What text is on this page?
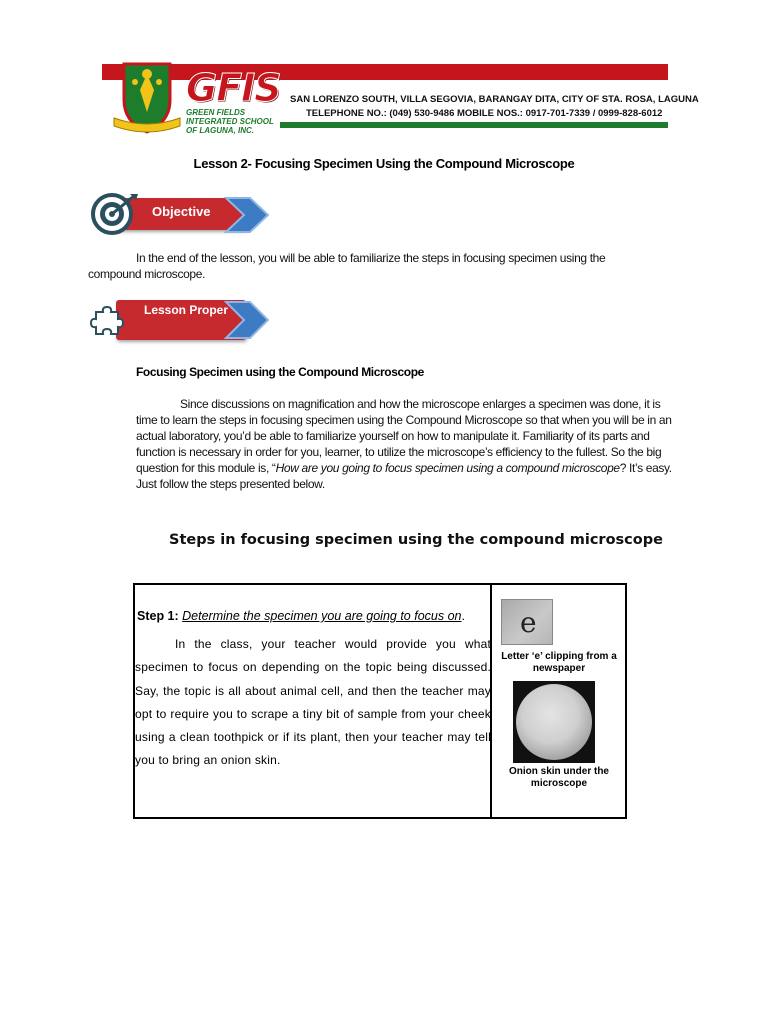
GFIS
GREEN FIELDS INTEGRATED SCHOOL OF LAGUNA, INC.
SAN LORENZO SOUTH, VILLA SEGOVIA, BARANGAY DITA, CITY OF STA. ROSA, LAGUNA
TELEPHONE NO.: (049) 530-9486 MOBILE NOS.: 0917-701-7339 / 0999-828-6012
Lesson 2- Focusing Specimen Using the Compound Microscope
Objective
In the end of the lesson, you will be able to familiarize the steps in focusing specimen using the compound microscope.
Lesson Proper
Focusing Specimen using the Compound Microscope
Since discussions on magnification and how the microscope enlarges a specimen was done, it is time to learn the steps in focusing specimen using the Compound Microscope so that when you will be in an actual laboratory, you’d be able to familiarize yourself on how to manipulate it. Familiarity of its parts and function is necessary in order for you, learner, to utilize the microscope’s efficiency to the fullest. So the big question for this module is, “How are you going to focus specimen using a compound microscope? It’s easy. Just follow the steps presented below.
Steps in focusing specimen using the compound microscope
Step 1: Determine the specimen you are going to focus on.
In the class, your teacher would provide you what specimen to focus on depending on the topic being discussed. Say, the topic is all about animal cell, and then the teacher may opt to require you to scrape a tiny bit of sample from your cheek using a clean toothpick or if its plant, then your teacher may tell you to bring an onion skin.
e
Letter ‘e’ clipping from a newspaper
Onion skin under the microscope
